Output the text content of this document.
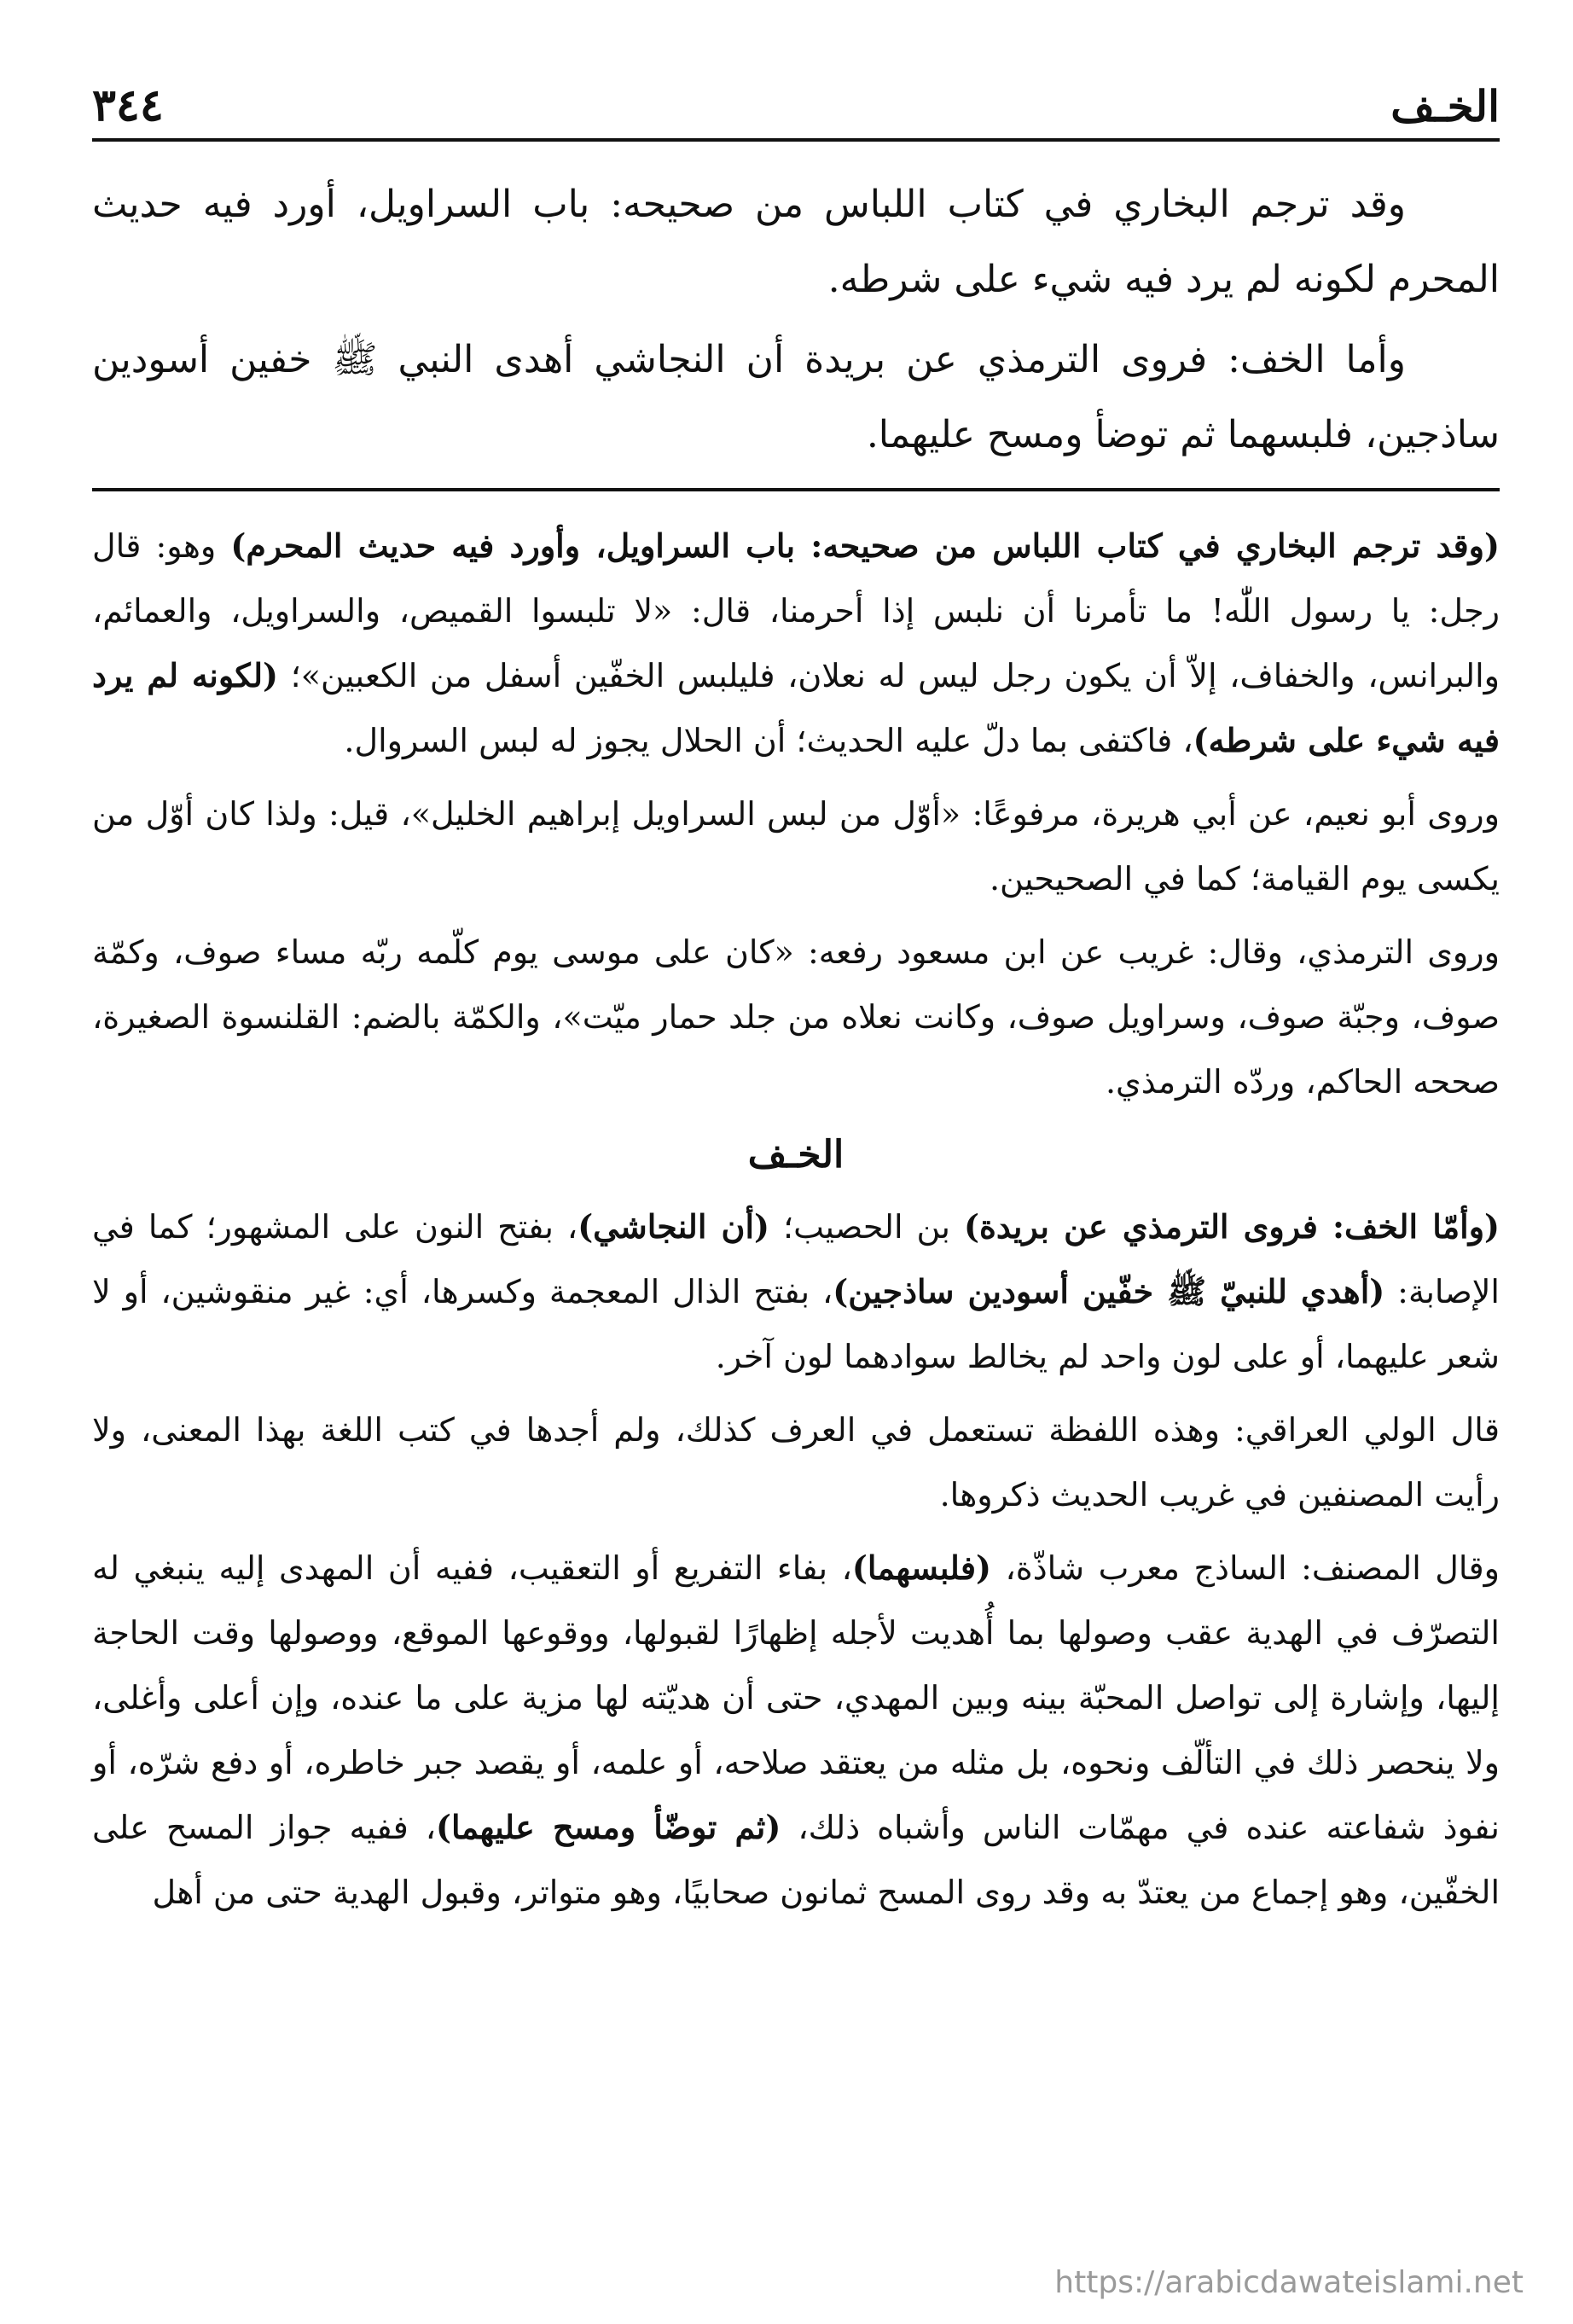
الخـف
٣٤٤

وقد ترجم البخاري في كتاب اللباس من صحيحه: باب السراويل، أورد فيه حديث المحرم لكونه لم يرد فيه شيء على شرطه.

وأما الخف: فروى الترمذي عن بريدة أن النجاشي أهدى النبي ﷺ خفين أسودين ساذجين، فلبسهما ثم توضأ ومسح عليهما.

(وقد ترجم البخاري في كتاب اللباس من صحيحه: باب السراويل، وأورد فيه حديث المحرم) وهو: قال رجل: يا رسول اللّٰه! ما تأمرنا أن نلبس إذا أحرمنا، قال: «لا تلبسوا القميص، والسراويل، والعمائم، والبرانس، والخفاف، إلاّ أن يكون رجل ليس له نعلان، فليلبس الخفّين أسفل من الكعبين»؛ (لكونه لم يرد فيه شيء على شرطه)، فاكتفى بما دلّ عليه الحديث؛ أن الحلال يجوز له لبس السروال.

وروى أبو نعيم، عن أبي هريرة، مرفوعًا: «أوّل من لبس السراويل إبراهيم الخليل»، قيل: ولذا كان أوّل من يكسى يوم القيامة؛ كما في الصحيحين.

وروى الترمذي، وقال: غريب عن ابن مسعود رفعه: «كان على موسى يوم كلّمه ربّه مساء صوف، وكمّة صوف، وجبّة صوف، وسراويل صوف، وكانت نعلاه من جلد حمار ميّت»، والكمّة بالضم: القلنسوة الصغيرة، صححه الحاكم، وردّه الترمذي.

الخـف

(وأمّا الخف: فروى الترمذي عن بريدة) بن الحصيب؛ (أن النجاشي)، بفتح النون على المشهور؛ كما في الإصابة: (أهدي للنبيّ ﷺ خفّين أسودين ساذجين)، بفتح الذال المعجمة وكسرها، أي: غير منقوشين، أو لا شعر عليهما، أو على لون واحد لم يخالط سوادهما لون آخر.

قال الولي العراقي: وهذه اللفظة تستعمل في العرف كذلك، ولم أجدها في كتب اللغة بهذا المعنى، ولا رأيت المصنفين في غريب الحديث ذكروها.

وقال المصنف: الساذج معرب شاذّة، (فلبسهما)، بفاء التفريع أو التعقيب، ففيه أن المهدى إليه ينبغي له التصرّف في الهدية عقب وصولها بما أُهديت لأجله إظهارًا لقبولها، ووقوعها الموقع، ووصولها وقت الحاجة إليها، وإشارة إلى تواصل المحبّة بينه وبين المهدي، حتى أن هديّته لها مزية على ما عنده، وإن أعلى وأغلى، ولا ينحصر ذلك في التألّف ونحوه، بل مثله من يعتقد صلاحه، أو علمه، أو يقصد جبر خاطره، أو دفع شرّه، أو نفوذ شفاعته عنده في مهمّات الناس وأشباه ذلك، (ثم توضّأ ومسح عليهما)، ففيه جواز المسح على الخفّين، وهو إجماع من يعتدّ به وقد روى المسح ثمانون صحابيًا، وهو متواتر، وقبول الهدية حتى من أهل

https://arabicdawateislami.net
